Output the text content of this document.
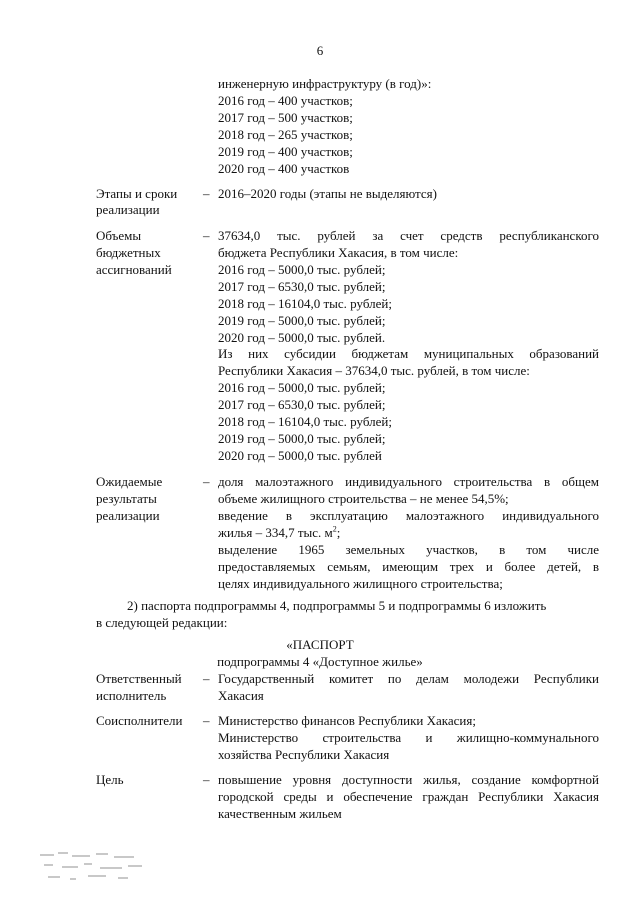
6
инженерную инфраструктуру (в год)»:
2016 год – 400 участков;
2017 год – 500 участков;
2018 год – 265 участков;
2019 год – 400 участков;
2020 год – 400 участков
Этапы и сроки
реализации
– 2016–2020 годы (этапы не выделяются)
Объемы
бюджетных
ассигнований
– 37634,0 тыс. рублей за счет средств республиканского
бюджета Республики Хакасия, в том числе:
2016 год – 5000,0 тыс. рублей;
2017 год – 6530,0 тыс. рублей;
2018 год – 16104,0 тыс. рублей;
2019 год – 5000,0 тыс. рублей;
2020 год – 5000,0 тыс. рублей.
Из них субсидии бюджетам муниципальных образований
Республики Хакасия – 37634,0 тыс. рублей, в том числе:
2016 год – 5000,0 тыс. рублей;
2017 год – 6530,0 тыс. рублей;
2018 год – 16104,0 тыс. рублей;
2019 год – 5000,0 тыс. рублей;
2020 год – 5000,0 тыс. рублей
Ожидаемые
результаты
реализации
– доля малоэтажного индивидуального строительства в общем
объеме жилищного строительства – не менее 54,5%;
введение в эксплуатацию малоэтажного индивидуального
жилья – 334,7 тыс. $м^2$;
выделение 1965 земельных участков, в том числе
предоставляемых семьям, имеющим трех и более детей, в
целях индивидуального жилищного строительства;
2) паспорта подпрограммы 4, подпрограммы 5 и подпрограммы 6 изложить
в следующей редакции:
«ПАСПОРТ
подпрограммы 4 «Доступное жилье»
Ответственный
исполнитель
– Государственный комитет по делам молодежи Республики
Хакасия
Соисполнители – Министерство финансов Республики Хакасия;
Министерство строительства и жилищно-коммунального
хозяйства Республики Хакасия
Цель	– повышение уровня доступности жилья, создание комфортной
городской среды и обеспечение граждан Республики Хакасия
качественным жильем
